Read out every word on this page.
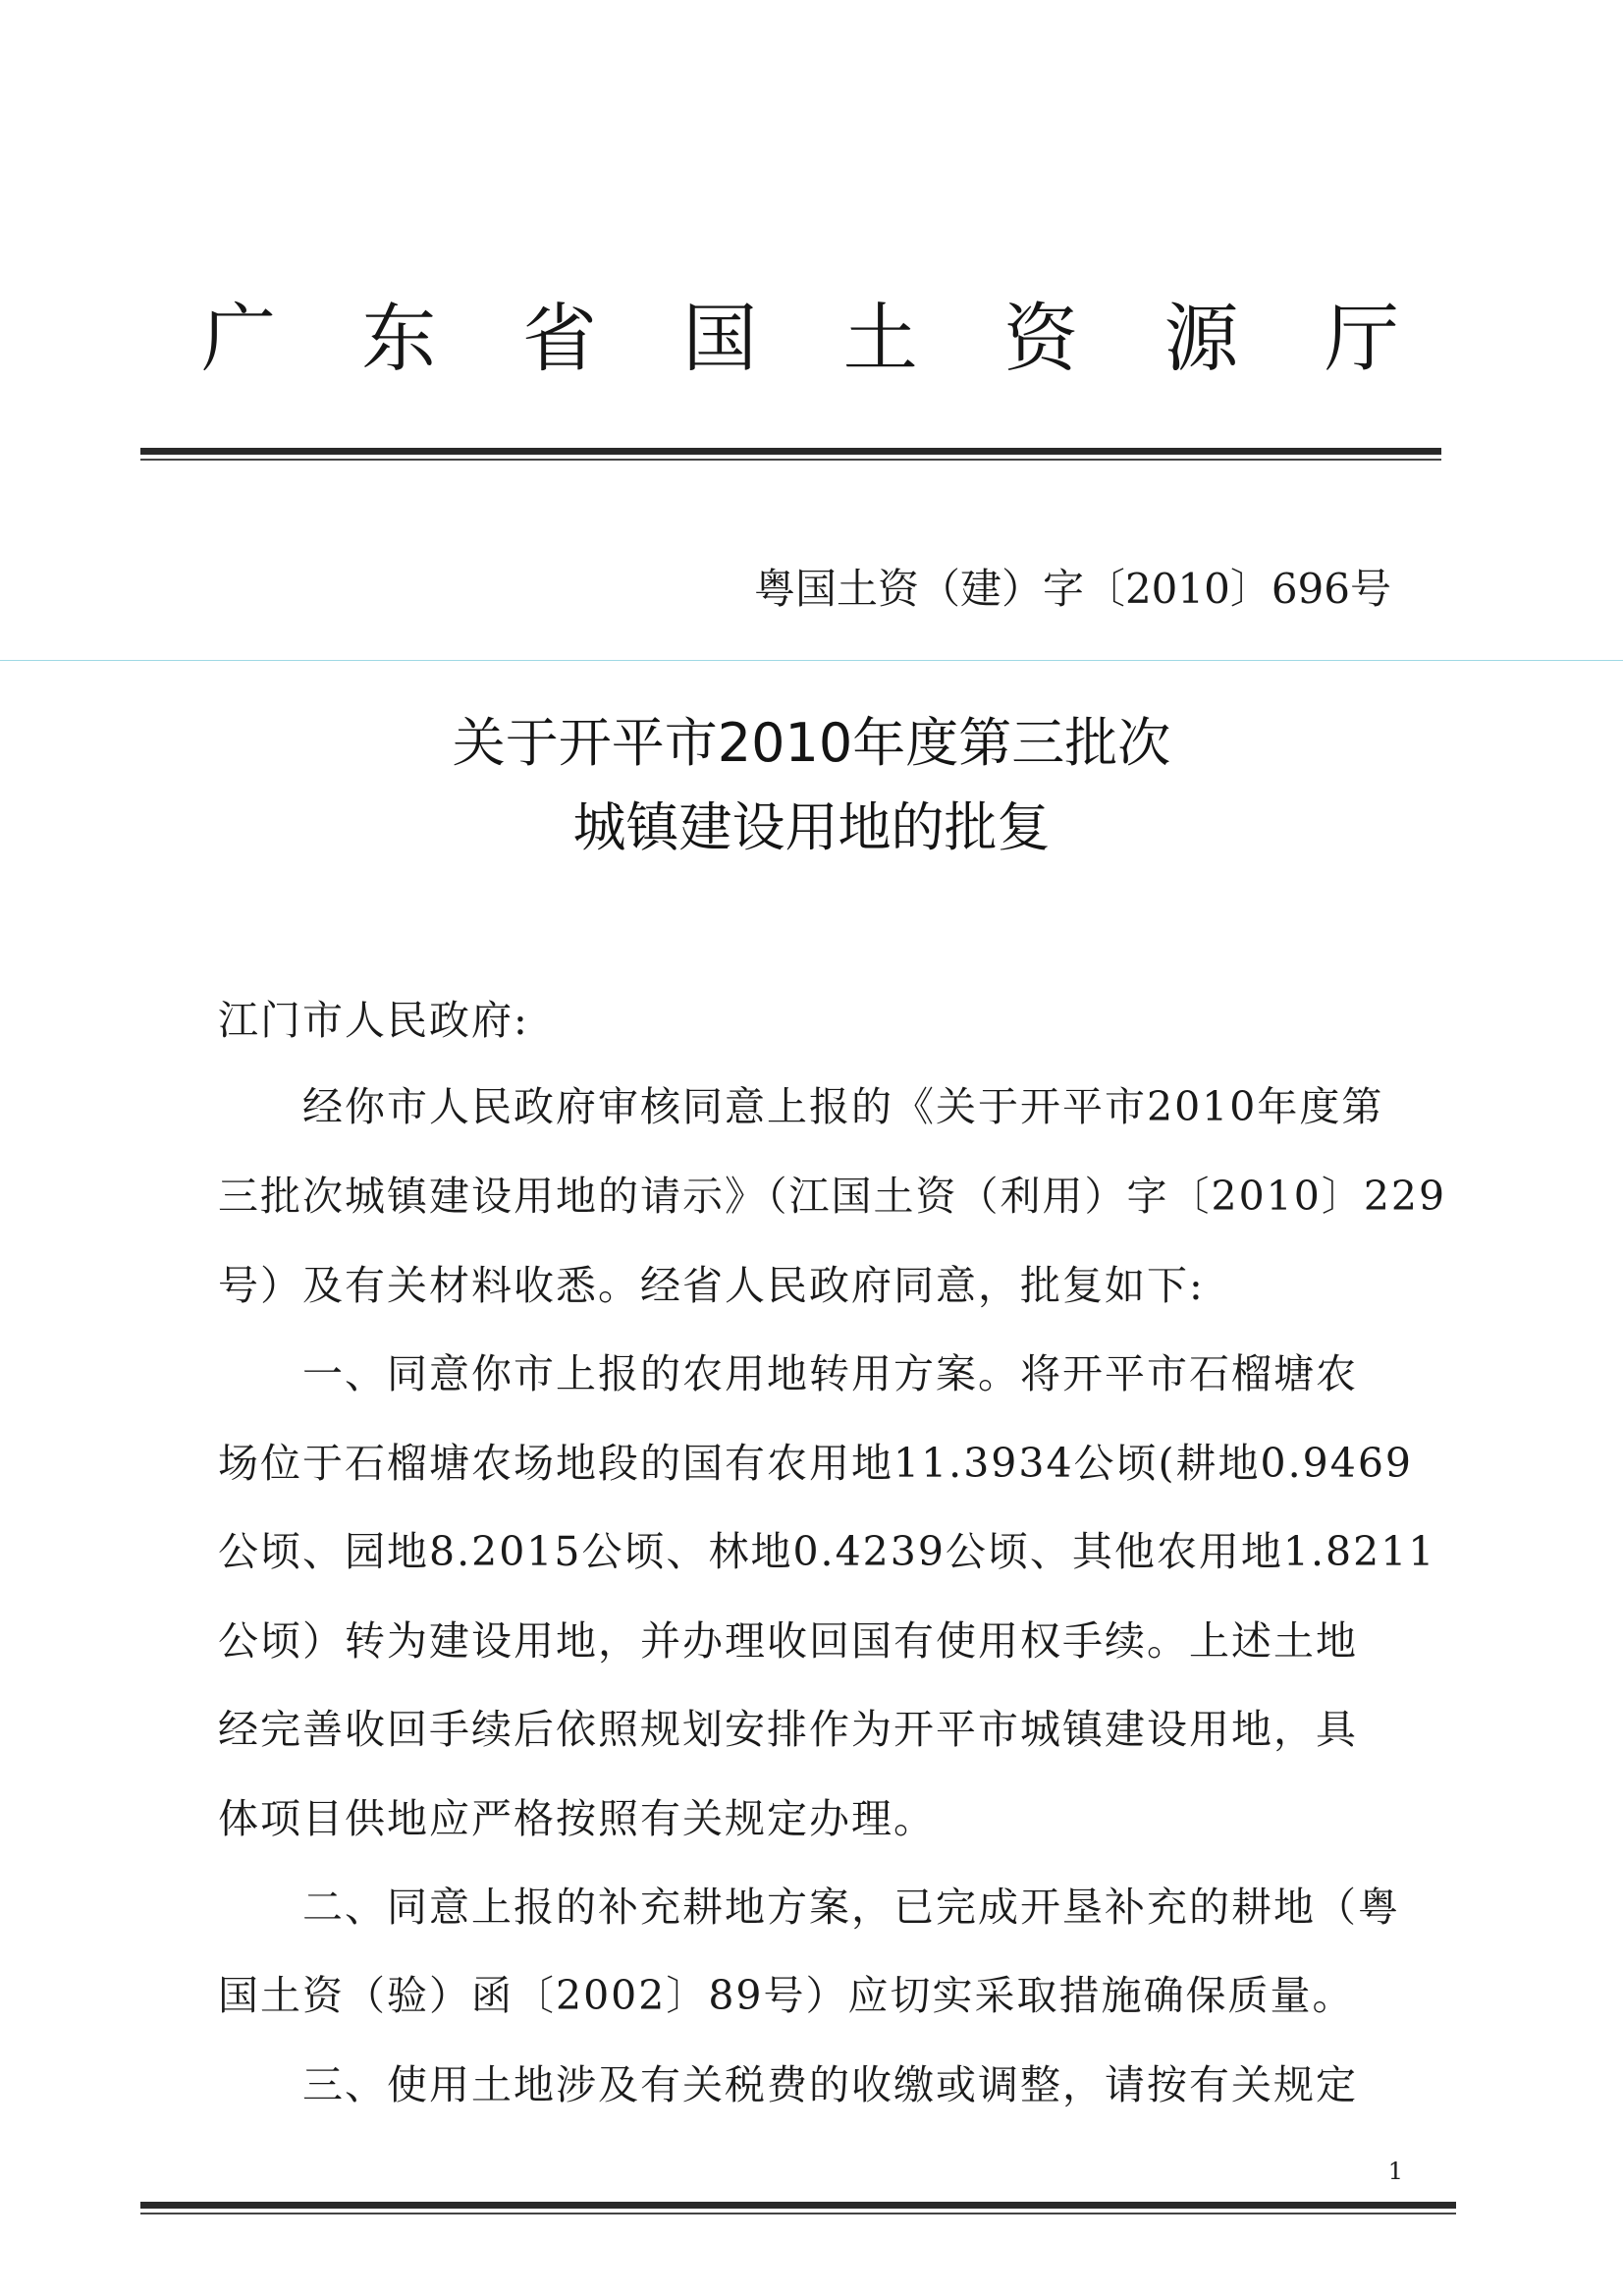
广 东 省 国 土 资 源 厅
粤国土资（建）字〔2010〕696号
关于开平市2010年度第三批次
城镇建设用地的批复
江门市人民政府:
　　经你市人民政府审核同意上报的《关于开平市2010年度第
三批次城镇建设用地的请示》（江国土资（利用）字〔2010〕229
号）及有关材料收悉。经省人民政府同意，批复如下:
　　一、同意你市上报的农用地转用方案。将开平市石榴塘农
场位于石榴塘农场地段的国有农用地11.3934公顷(耕地0.9469
公顷、园地8.2015公顷、林地0.4239公顷、其他农用地1.8211
公顷）转为建设用地，并办理收回国有使用权手续。上述土地
经完善收回手续后依照规划安排作为开平市城镇建设用地，具
体项目供地应严格按照有关规定办理。
　　二、同意上报的补充耕地方案，已完成开垦补充的耕地（粤
国土资（验）函〔2002〕89号）应切实采取措施确保质量。
　　三、使用土地涉及有关税费的收缴或调整，请按有关规定
1
